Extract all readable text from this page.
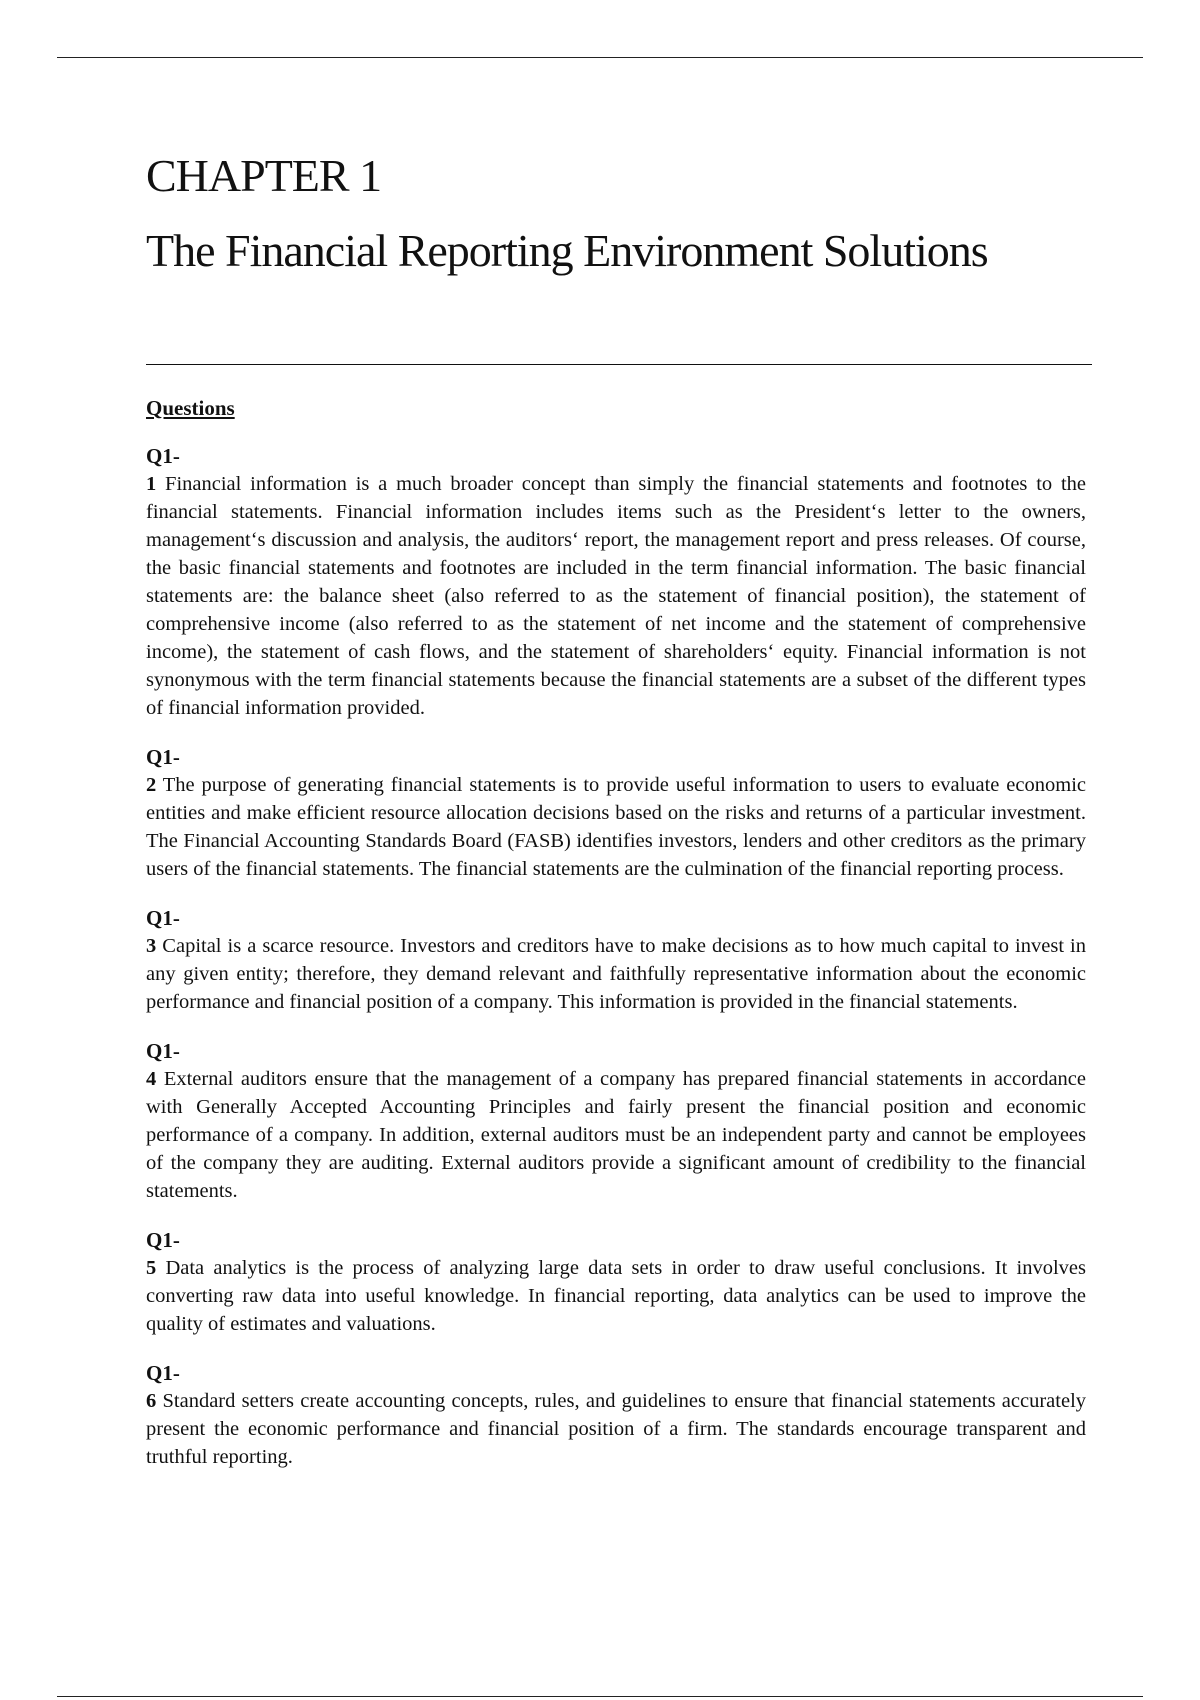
CHAPTER 1
The Financial Reporting Environment Solutions
Questions
Q1-

1 Financial information is a much broader concept than simply the financial statements and footnotes to the financial statements. Financial information includes items such as the President‘s letter to the owners, management‘s discussion and analysis, the auditors‘ report, the management report and press releases. Of course, the basic financial statements and footnotes are included in the term financial information. The basic financial statements are: the balance sheet (also referred to as the statement of financial position), the statement of comprehensive income (also referred to as the statement of net income and the statement of comprehensive income), the statement of cash flows, and the statement of shareholders‘ equity. Financial information is not synonymous with the term financial statements because the financial statements are a subset of the different types of financial information provided.

Q1-

2 The purpose of generating financial statements is to provide useful information to users to evaluate economic entities and make efficient resource allocation decisions based on the risks and returns of a particular investment. The Financial Accounting Standards Board (FASB) identifies investors, lenders and other creditors as the primary users of the financial statements. The financial statements are the culmination of the financial reporting process.

Q1-

3 Capital is a scarce resource. Investors and creditors have to make decisions as to how much capital to invest in any given entity; therefore, they demand relevant and faithfully representative information about the economic performance and financial position of a company. This information is provided in the financial statements.

Q1-

4 External auditors ensure that the management of a company has prepared financial statements in accordance with Generally Accepted Accounting Principles and fairly present the financial position and economic performance of a company. In addition, external auditors must be an independent party and cannot be employees of the company they are auditing. External auditors provide a significant amount of credibility to the financial statements.

Q1-

5 Data analytics is the process of analyzing large data sets in order to draw useful conclusions. It involves converting raw data into useful knowledge. In financial reporting, data analytics can be used to improve the quality of estimates and valuations.

Q1-

6 Standard setters create accounting concepts, rules, and guidelines to ensure that financial statements accurately present the economic performance and financial position of a firm. The standards encourage transparent and truthful reporting.
